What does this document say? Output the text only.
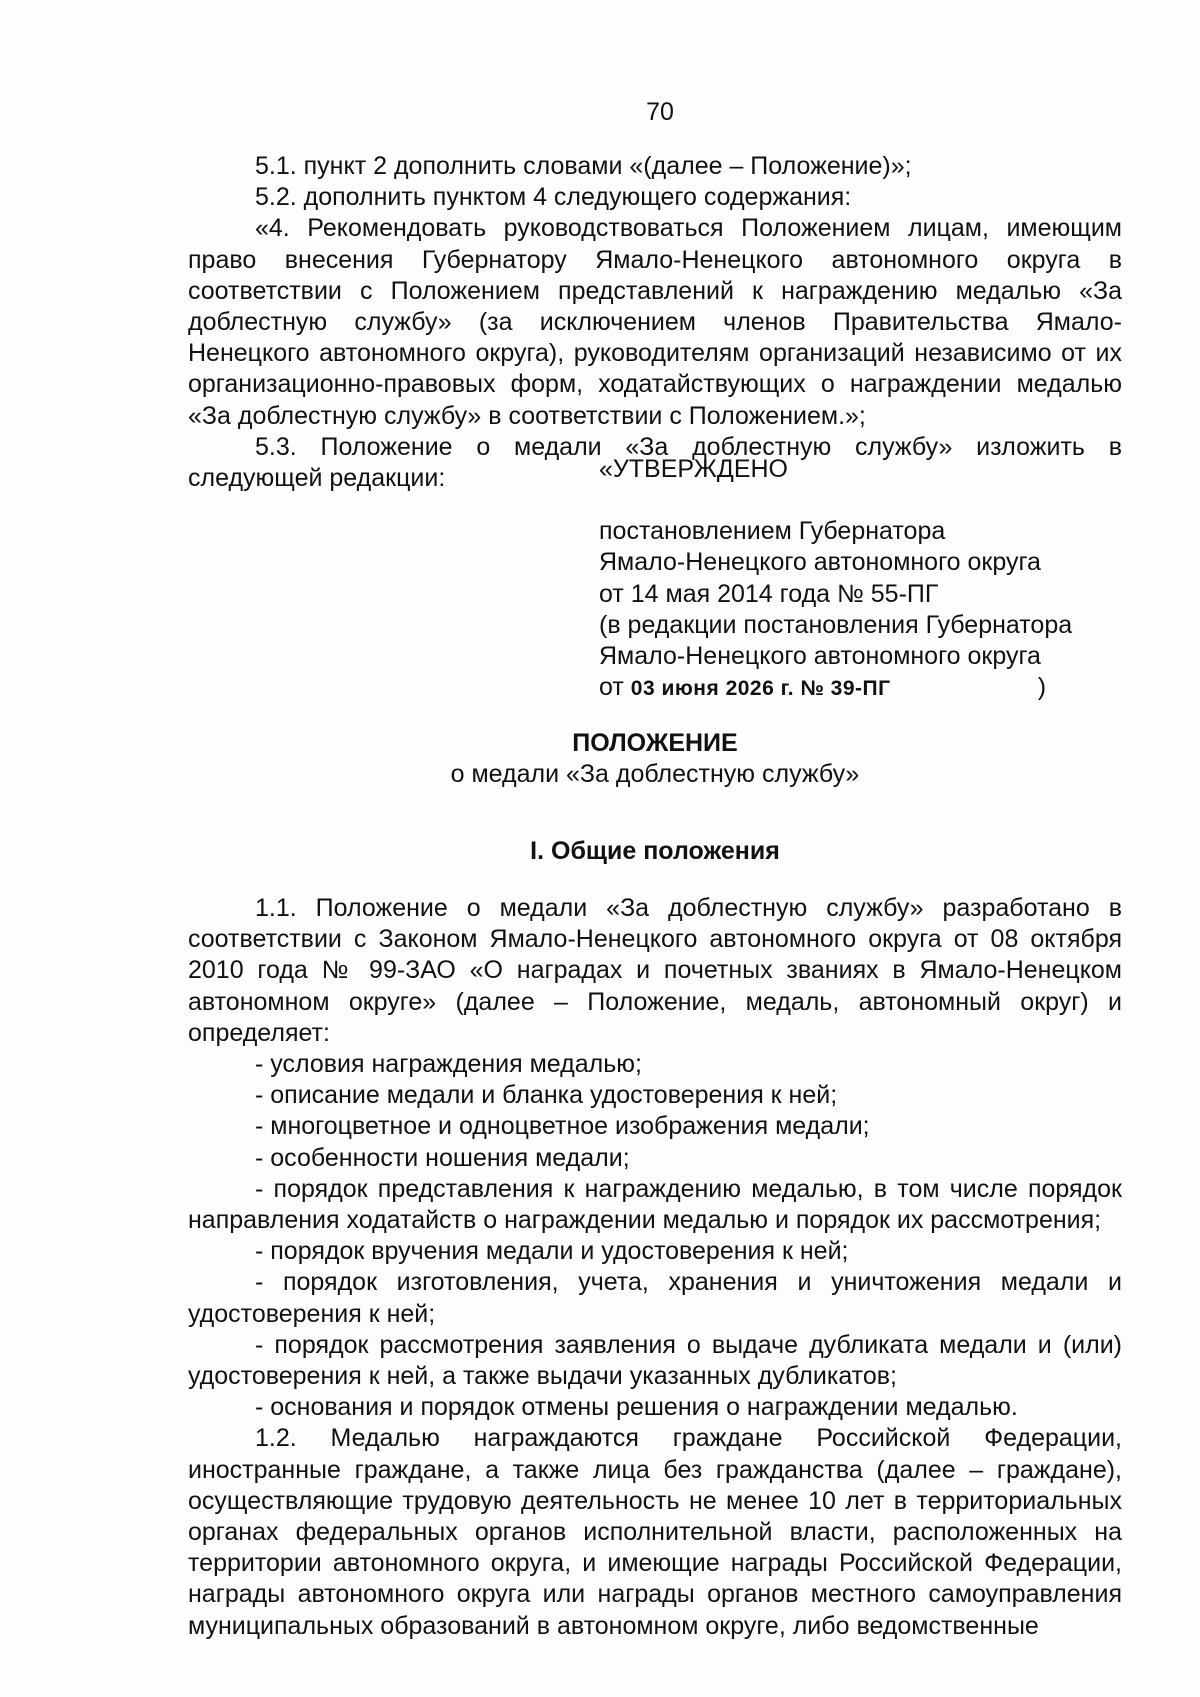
70

5.1. пункт 2 дополнить словами «(далее – Положение)»;

5.2. дополнить пунктом 4 следующего содержания:

«4. Рекомендовать руководствоваться Положением лицам, имеющим право внесения Губернатору Ямало-Ненецкого автономного округа в соответствии с Положением представлений к награждению медалью «За доблестную службу» (за исключением членов Правительства Ямало-Ненецкого автономного округа), руководителям организаций независимо от их организационно-правовых форм, ходатайствующих о награждении медалью «За доблестную службу» в соответствии с Положением.»;

5.3. Положение о медали «За доблестную службу» изложить в следующей редакции:	«УТВЕРЖДЕНО
постановлением Губернатора
Ямало-Ненецкого автономного округа
от 14 мая 2014 года № 55-ПГ
(в редакции постановления Губернатора
Ямало-Ненецкого автономного округа
от 03 июня 2026 г. № 39-ПГ	)
ПОЛОЖЕНИЕ
о медали «За доблестную службу»
I. Общие положения

1.1. Положение о медали «За доблестную службу» разработано в соответствии с Законом Ямало-Ненецкого автономного округа от 08 октября 2010 года № 99-ЗАО «О наградах и почетных званиях в Ямало-Ненецком автономном округе» (далее – Положение, медаль, автономный округ) и определяет:

- условия награждения медалью;

- описание медали и бланка удостоверения к ней;

- многоцветное и одноцветное изображения медали;

- особенности ношения медали;

- порядок представления к награждению медалью, в том числе порядок направления ходатайств о награждении медалью и порядок их рассмотрения;

- порядок вручения медали и удостоверения к ней;

- порядок изготовления, учета, хранения и уничтожения медали и удостоверения к ней;

- порядок рассмотрения заявления о выдаче дубликата медали и (или) удостоверения к ней, а также выдачи указанных дубликатов;

- основания и порядок отмены решения о награждении медалью.

1.2. Медалью награждаются граждане Российской Федерации, иностранные граждане, а также лица без гражданства (далее – граждане), осуществляющие трудовую деятельность не менее 10 лет в территориальных органах федеральных органов исполнительной власти, расположенных на территории автономного округа, и имеющие награды Российской Федерации, награды автономного округа или награды органов местного самоуправления муниципальных образований в автономном округе, либо ведомственные
